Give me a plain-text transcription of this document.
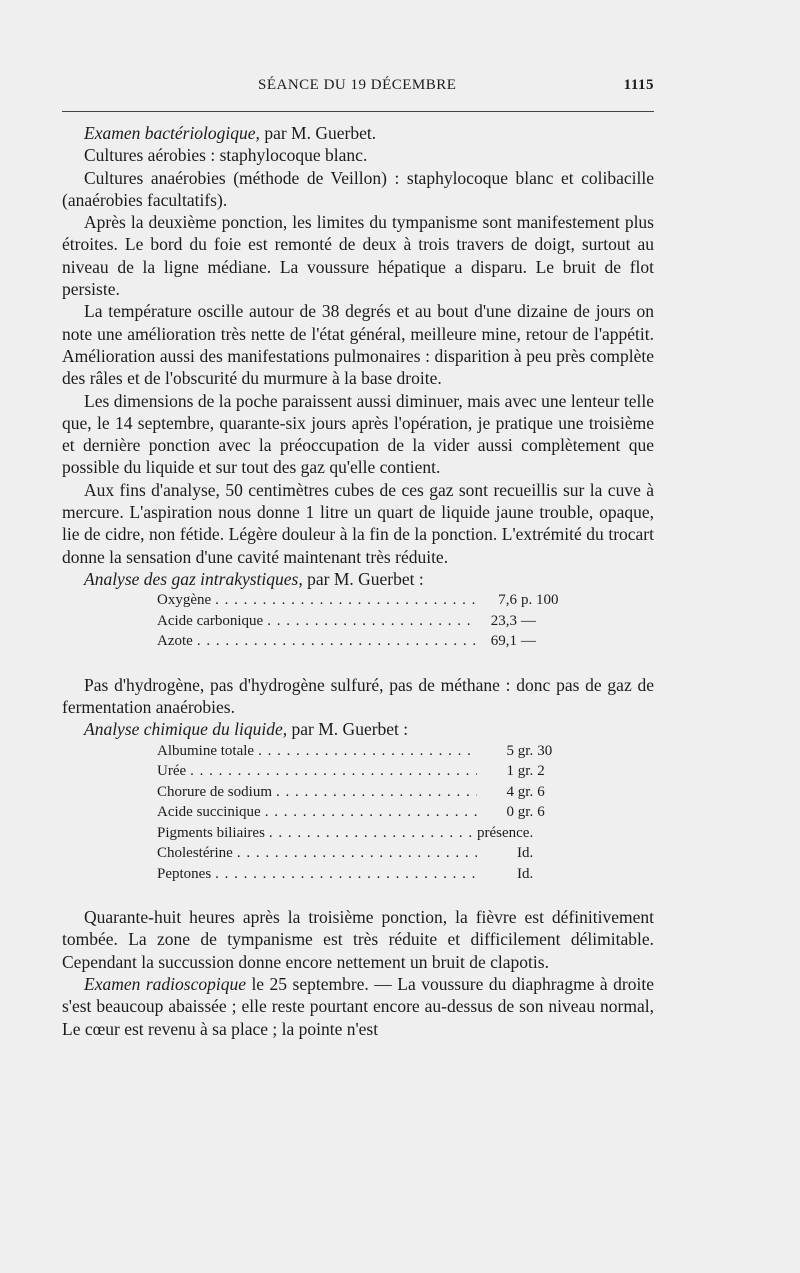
SÉANCE DU 19 DÉCEMBRE	1115

Examen bactériologique, par M. Guerbet.

Cultures aérobies : staphylocoque blanc.

Cultures anaérobies (méthode de Veillon) : staphylocoque blanc et colibacille (anaérobies facultatifs).

Après la deuxième ponction, les limites du tympanisme sont manifestement plus étroites. Le bord du foie est remonté de deux à trois travers de doigt, surtout au niveau de la ligne médiane. La voussure hépatique a disparu. Le bruit de flot persiste.

La température oscille autour de 38 degrés et au bout d'une dizaine de jours on note une amélioration très nette de l'état général, meilleure mine, retour de l'appétit. Amélioration aussi des manifestations pulmonaires : disparition à peu près complète des râles et de l'obscurité du murmure à la base droite.

Les dimensions de la poche paraissent aussi diminuer, mais avec une lenteur telle que, le 14 septembre, quarante-six jours après l'opération, je pratique une troisième et dernière ponction avec la préoccupation de la vider aussi complètement que possible du liquide et sur tout des gaz qu'elle contient.

Aux fins d'analyse, 50 centimètres cubes de ces gaz sont recueillis sur la cuve à mercure. L'aspiration nous donne 1 litre un quart de liquide jaune trouble, opaque, lie de cidre, non fétide. Légère douleur à la fin de la ponction. L'extrémité du trocart donne la sensation d'une cavité maintenant très réduite.

Analyse des gaz intrakystiques, par M. Guerbet :

Oxygène . . .	7,6	p. 100
Acide carbonique . . .	23,3	—
Azote . . .	69,1	—

Pas d'hydrogène, pas d'hydrogène sulfuré, pas de méthane : donc pas de gaz de fermentation anaérobies.

Analyse chimique du liquide, par M. Guerbet :

Albumine totale . . .	5 gr.	30
Urée . . .	1 gr.	2
Chorure de sodium . . .	4 gr.	6
Acide succinique . . .	0 gr.	6
Pigments biliaires . . .	présence.	
Cholestérine . . .	Id.	
Peptones . . .	Id.	

Quarante-huit heures après la troisième ponction, la fièvre est définitivement tombée. La zone de tympanisme est très réduite et difficilement délimitable. Cependant la succussion donne encore nettement un bruit de clapotis.

Examen radioscopique le 25 septembre. — La voussure du diaphragme à droite s'est beaucoup abaissée ; elle reste pourtant encore au-dessus de son niveau normal, Le cœur est revenu à sa place ; la pointe n'est
